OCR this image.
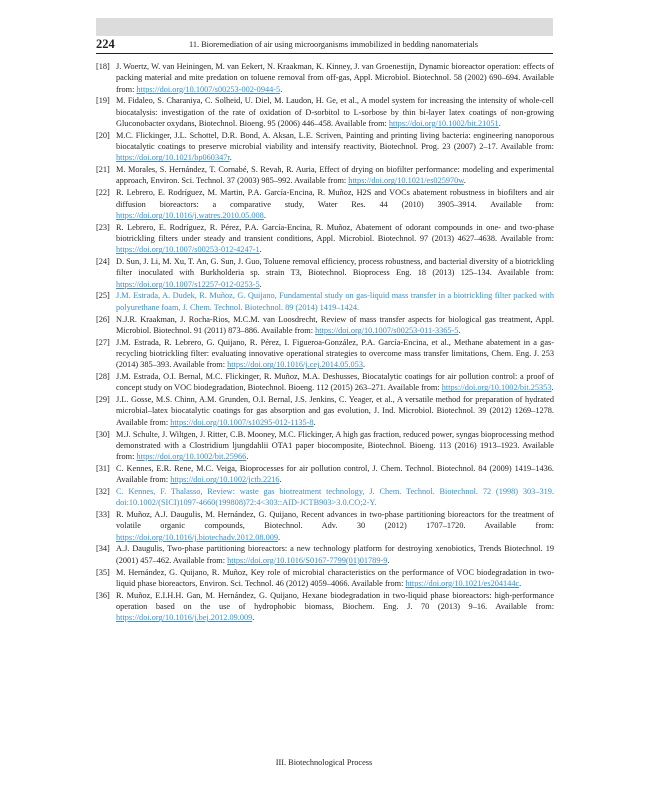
224	11. Bioremediation of air using microorganisms immobilized in bedding nanomaterials
[18] J. Woertz, W. van Heiningen, M. van Eekert, N. Kraakman, K. Kinney, J. van Groenestijn, Dynamic bioreactor operation: effects of packing material and mite predation on toluene removal from off-gas, Appl. Microbiol. Biotechnol. 58 (2002) 690–694. Available from: https://doi.org/10.1007/s00253-002-0944-5.
[19] M. Fidaleo, S. Charaniya, C. Solheid, U. Diel, M. Laudon, H. Ge, et al., A model system for increasing the intensity of whole-cell biocatalysis: investigation of the rate of oxidation of D-sorbitol to L-sorbose by thin bi-layer latex coatings of non-growing Gluconobacter oxydans, Biotechnol. Bioeng. 95 (2006) 446–458. Available from: https://doi.org/10.1002/bit.21051.
[20] M.C. Flickinger, J.L. Schottel, D.R. Bond, A. Aksan, L.E. Scriven, Painting and printing living bacteria: engineering nanoporous biocatalytic coatings to preserve microbial viability and intensify reactivity, Biotechnol. Prog. 23 (2007) 2–17. Available from: https://doi.org/10.1021/bp060347r.
[21] M. Morales, S. Hernández, T. Cornabé, S. Revah, R. Auria, Effect of drying on biofilter performance: modeling and experimental approach, Environ. Sci. Technol. 37 (2003) 985–992. Available from: https://doi.org/10.1021/es025970w.
[22] R. Lebrero, E. Rodríguez, M. Martin, P.A. García-Encina, R. Muñoz, H2S and VOCs abatement robustness in biofilters and air diffusion bioreactors: a comparative study, Water Res. 44 (2010) 3905–3914. Available from: https://doi.org/10.1016/j.watres.2010.05.008.
[23] R. Lebrero, E. Rodríguez, R. Pérez, P.A. García-Encina, R. Muñoz, Abatement of odorant compounds in one- and two-phase biotrickling filters under steady and transient conditions, Appl. Microbiol. Biotechnol. 97 (2013) 4627–4638. Available from: https://doi.org/10.1007/s00253-012-4247-1.
[24] D. Sun, J. Li, M. Xu, T. An, G. Sun, J. Guo, Toluene removal efficiency, process robustness, and bacterial diversity of a biotrickling filter inoculated with Burkholderia sp. strain T3, Biotechnol. Bioprocess Eng. 18 (2013) 125–134. Available from: https://doi.org/10.1007/s12257-012-0253-5.
[25] J.M. Estrada, A. Dudek, R. Muñoz, G. Quijano, Fundamental study on gas-liquid mass transfer in a biotrickling filter packed with polyurethane foam, J. Chem. Technol. Biotechnol. 89 (2014) 1419–1424.
[26] N.J.R. Kraakman, J. Rocha-Rios, M.C.M. van Loosdrecht, Review of mass transfer aspects for biological gas treatment, Appl. Microbiol. Biotechnol. 91 (2011) 873–886. Available from: https://doi.org/10.1007/s00253-011-3365-5.
[27] J.M. Estrada, R. Lebrero, G. Quijano, R. Pérez, I. Figueroa-González, P.A. García-Encina, et al., Methane abatement in a gas-recycling biotrickling filter: evaluating innovative operational strategies to overcome mass transfer limitations, Chem. Eng. J. 253 (2014) 385–393. Available from: https://doi.org/10.1016/j.cej.2014.05.053.
[28] J.M. Estrada, O.I. Bernal, M.C. Flickinger, R. Muñoz, M.A. Deshusses, Biocatalytic coatings for air pollution control: a proof of concept study on VOC biodegradation, Biotechnol. Bioeng. 112 (2015) 263–271. Available from: https://doi.org/10.1002/bit.25353.
[29] J.L. Gosse, M.S. Chinn, A.M. Grunden, O.I. Bernal, J.S. Jenkins, C. Yeager, et al., A versatile method for preparation of hydrated microbial–latex biocatalytic coatings for gas absorption and gas evolution, J. Ind. Microbiol. Biotechnol. 39 (2012) 1269–1278. Available from: https://doi.org/10.1007/s10295-012-1135-8.
[30] M.J. Schulte, J. Wiltgen, J. Ritter, C.B. Mooney, M.C. Flickinger, A high gas fraction, reduced power, syngas bioprocessing method demonstrated with a Clostridium ljungdahlii OTA1 paper biocomposite, Biotechnol. Bioeng. 113 (2016) 1913–1923. Available from: https://doi.org/10.1002/bit.25966.
[31] C. Kennes, E.R. Rene, M.C. Veiga, Bioprocesses for air pollution control, J. Chem. Technol. Biotechnol. 84 (2009) 1419–1436. Available from: https://doi.org/10.1002/jctb.2216.
[32] C. Kennes, F. Thalasso, Review: waste gas biotreatment technology, J. Chem. Technol. Biotechnol. 72 (1998) 303–319. doi:10.1002/(SICI)1097-4660(199808)72:4<303::AID-JCTB903>3.0.CO;2-Y.
[33] R. Muñoz, A.J. Daugulis, M. Hernández, G. Quijano, Recent advances in two-phase partitioning bioreactors for the treatment of volatile organic compounds, Biotechnol. Adv. 30 (2012) 1707–1720. Available from: https://doi.org/10.1016/j.biotechadv.2012.08.009.
[34] A.J. Daugulis, Two-phase partitioning bioreactors: a new technology platform for destroying xenobiotics, Trends Biotechnol. 19 (2001) 457–462. Available from: https://doi.org/10.1016/S0167-7799(01)01789-9.
[35] M. Hernández, G. Quijano, R. Muñoz, Key role of microbial characteristics on the performance of VOC biodegradation in two-liquid phase bioreactors, Environ. Sci. Technol. 46 (2012) 4059–4066. Available from: https://doi.org/10.1021/es204144c.
[36] R. Muñoz, E.I.H.H. Gan, M. Hernández, G. Quijano, Hexane biodegradation in two-liquid phase bioreactors: high-performance operation based on the use of hydrophobic biomass, Biochem. Eng. J. 70 (2013) 9–16. Available from: https://doi.org/10.1016/j.bej.2012.09.009.
III. Biotechnological Process
